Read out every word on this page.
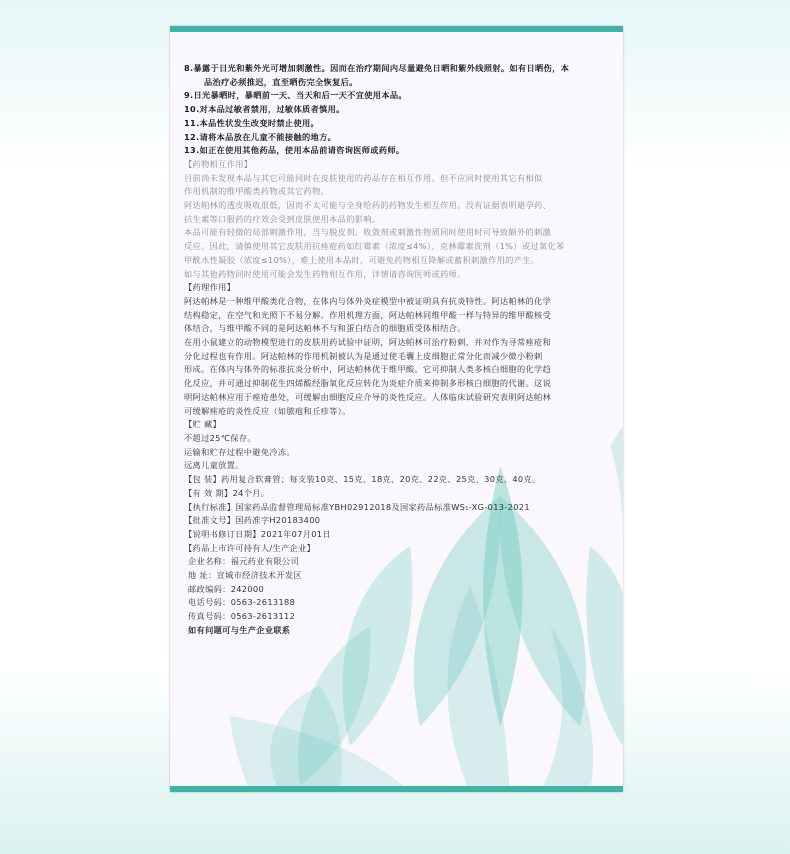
8.暴露于日光和紫外光可增加刺激性。因而在治疗期间内尽量避免日晒和紫外线照射。如有日晒伤，本
品治疗必须推迟，直至晒伤完全恢复后。
9.日光暴晒时，暴晒前一天、当天和后一天不宜使用本品。
10.对本品过敏者禁用，过敏体质者慎用。
11.本品性状发生改变时禁止使用。
12.请将本品放在儿童不能接触的地方。
13.如正在使用其他药品，使用本品前请咨询医师或药师。
【药物相互作用】
目前尚未发现本品与其它可能同时在皮肤使用的药品存在相互作用。但不应同时使用其它有相似
作用机制的维甲酸类药物或其它药物。
阿达帕林的透皮吸收很低，因而不太可能与全身给药的药物发生相互作用。没有证据表明避孕药、
抗生素等口服药的疗效会受到皮肤使用本品的影响。
本品可能有轻微的局部刺激作用，当与脱皮剂、收敛剂或刺激性物质同时使用时可导致额外的刺激
反应。因此，请慎使用其它皮肤用抗痤疮药如红霉素（浓度≤4%）、克林霉素洗剂（1%）或过氧化苯
甲酰水性凝胶（浓度≤10%），难上使用本品时，可避免药物相互降解或蓄积刺激作用的产生。
如与其他药物同时使用可能会发生药物相互作用，详情请咨询医师或药师。
【药理作用】
阿达帕林是一种维甲酸类化合物，在体内与体外炎症模型中被证明具有抗炎特性。阿达帕林的化学
结构稳定，在空气和光照下不易分解。作用机理方面，阿达帕林同维甲酸一样与特异的维甲酸核受
体结合，与维甲酸不同的是阿达帕林不与和蛋白结合的细胞质受体相结合。
在用小鼠建立的动物模型进行的皮肤用药试验中证明，阿达帕林可治疗粉刺，并对作为寻常痤疮和
分化过程也有作用。阿达帕林的作用机制被认为是通过使毛囊上皮细胞正常分化而减少微小粉刺
形成。在体内与体外的标准抗炎分析中，阿达帕林优于维甲酸。它可抑制人类多核白细胞的化学趋
化反应，并可通过抑制花生四烯酸经脂氧化反应转化为炎症介质来抑制多形核白细胞的代谢。这说
明阿达帕林应用于痤疮患处，可缓解由细胞反应介导的炎性反应。人体临床试验研究表明阿达帕林
可缓解痤疮的炎性反应（如脓疱和丘疹等）。
【贮 藏】
不超过25℃保存。
运输和贮存过程中避免冷冻。
远离儿童放置。
【包 装】药用复合软膏管；每支装10克、15克、18克、20克、22克、25克、30克、40克。
【有 效 期】24个月。
【执行标准】国家药品监督管理局标准YBH02912018及国家药品标准WS₁-XG-013-2021
【批准文号】国药准字H20183400
【说明书修订日期】2021年07月01日
【药品上市许可持有人/生产企业】
企业名称：福元药业有限公司
地 址：宣城市经济技术开发区
邮政编码：242000
电话号码：0563-2613188
传真号码：0563-2613112
如有问题可与生产企业联系
